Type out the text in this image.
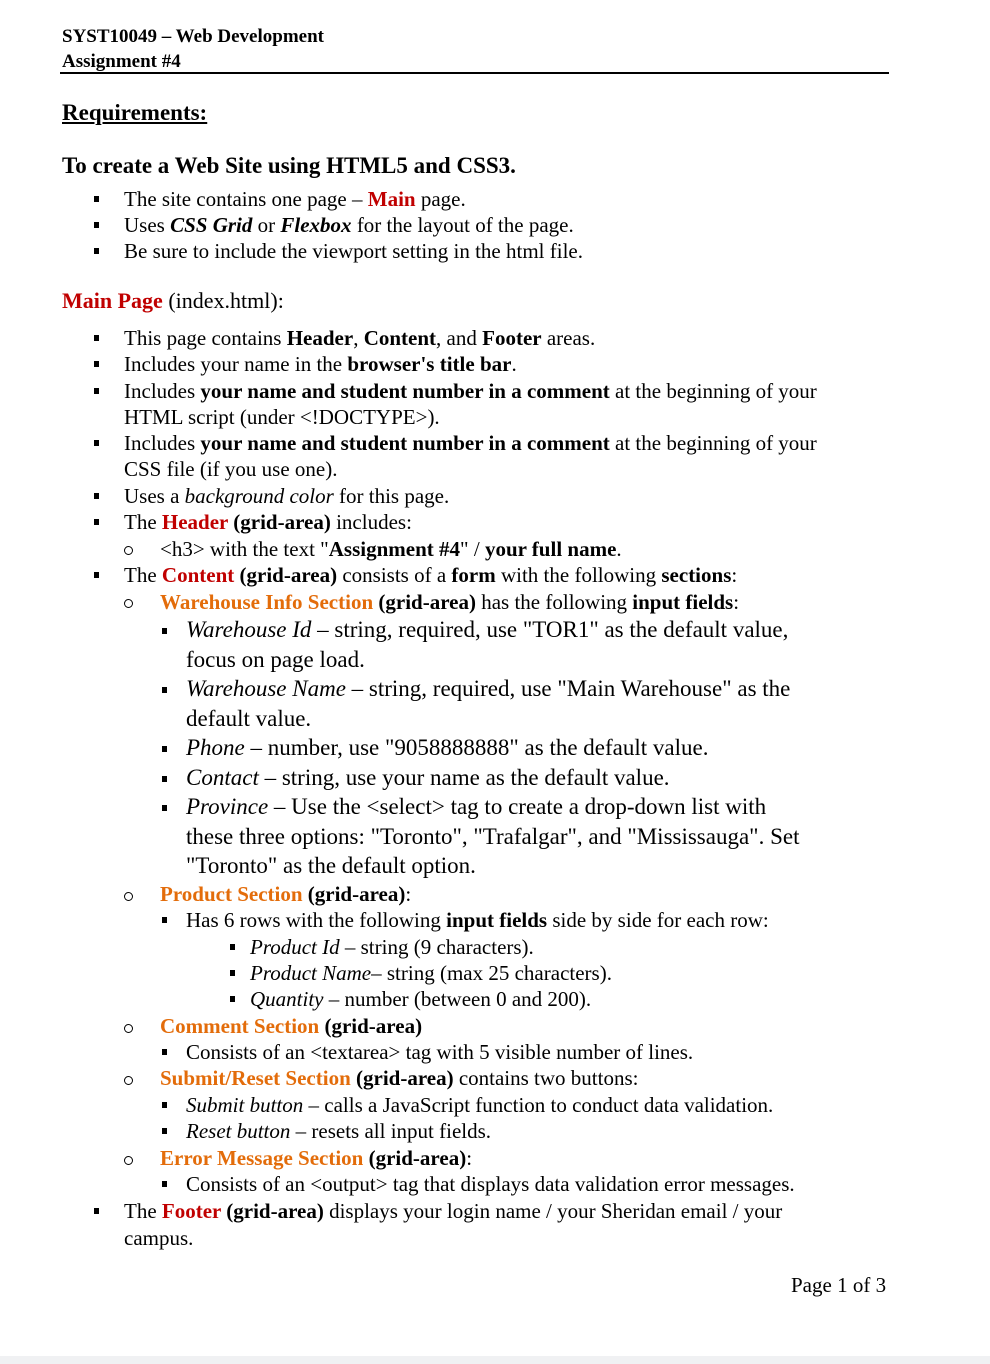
SYST10049 – Web Development
Assignment #4
Requirements:
To create a Web Site using HTML5 and CSS3.
The site contains one page – Main page.
Uses CSS Grid or Flexbox for the layout of the page.
Be sure to include the viewport setting in the html file.
Main Page (index.html):
This page contains Header, Content, and Footer areas.
Includes your name in the browser's title bar.
Includes your name and student number in a comment at the beginning of your
HTML script (under <!DOCTYPE>).
Includes your name and student number in a comment at the beginning of your
CSS file (if you use one).
Uses a background color for this page.
The Header (grid-area) includes:
<h3> with the text "Assignment #4" / your full name.
The Content (grid-area) consists of a form with the following sections:
Warehouse Info Section (grid-area) has the following input fields:
Warehouse Id – string, required, use "TOR1" as the default value,
focus on page load.
Warehouse Name – string, required, use "Main Warehouse" as the
default value.
Phone – number, use "9058888888" as the default value.
Contact – string, use your name as the default value.
Province – Use the <select> tag to create a drop-down list with
these three options: "Toronto", "Trafalgar", and "Mississauga". Set
"Toronto" as the default option.
Product Section (grid-area):
Has 6 rows with the following input fields side by side for each row:
Product Id – string (9 characters).
Product Name– string (max 25 characters).
Quantity – number (between 0 and 200).
Comment Section (grid-area)
Consists of an <textarea> tag with 5 visible number of lines.
Submit/Reset Section (grid-area) contains two buttons:
Submit button – calls a JavaScript function to conduct data validation.
Reset button – resets all input fields.
Error Message Section (grid-area):
Consists of an <output> tag that displays data validation error messages.
The Footer (grid-area) displays your login name / your Sheridan email / your
campus.
Page 1 of 3
